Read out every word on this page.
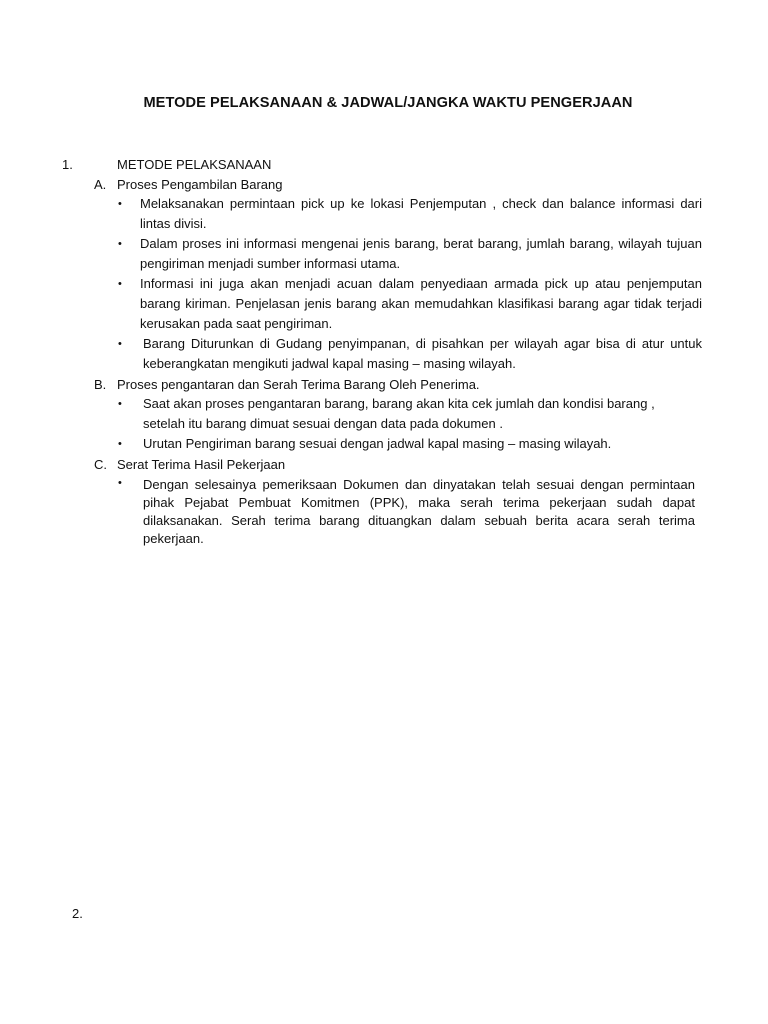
METODE PELAKSANAAN & JADWAL/JANGKA WAKTU PENGERJAAN
1.	METODE PELAKSANAAN
A. Proses Pengambilan Barang
• Melaksanakan permintaan pick up ke lokasi Penjemputan , check dan balance informasi dari lintas divisi.
• Dalam proses ini informasi mengenai jenis barang, berat barang, jumlah barang, wilayah tujuan pengiriman menjadi sumber informasi utama.
• Informasi ini juga akan menjadi acuan dalam penyediaan armada pick up atau penjemputan barang kiriman. Penjelasan jenis barang akan memudahkan klasifikasi barang agar tidak terjadi kerusakan pada saat pengiriman.
• Barang Diturunkan di Gudang penyimpanan, di pisahkan per wilayah agar bisa di atur untuk keberangkatan mengikuti jadwal kapal masing – masing wilayah.
B. Proses pengantaran dan Serah Terima Barang Oleh Penerima.
• Saat akan proses pengantaran barang, barang akan kita cek jumlah dan kondisi barang , setelah itu barang dimuat sesuai dengan data pada dokumen .
• Urutan Pengiriman barang sesuai dengan jadwal kapal masing – masing wilayah.
C. Serat Terima Hasil Pekerjaan
• Dengan selesainya pemeriksaan Dokumen dan dinyatakan telah sesuai dengan permintaan pihak Pejabat Pembuat Komitmen (PPK), maka serah terima pekerjaan sudah dapat dilaksanakan. Serah terima barang dituangkan dalam sebuah berita acara serah terima pekerjaan.
2.
